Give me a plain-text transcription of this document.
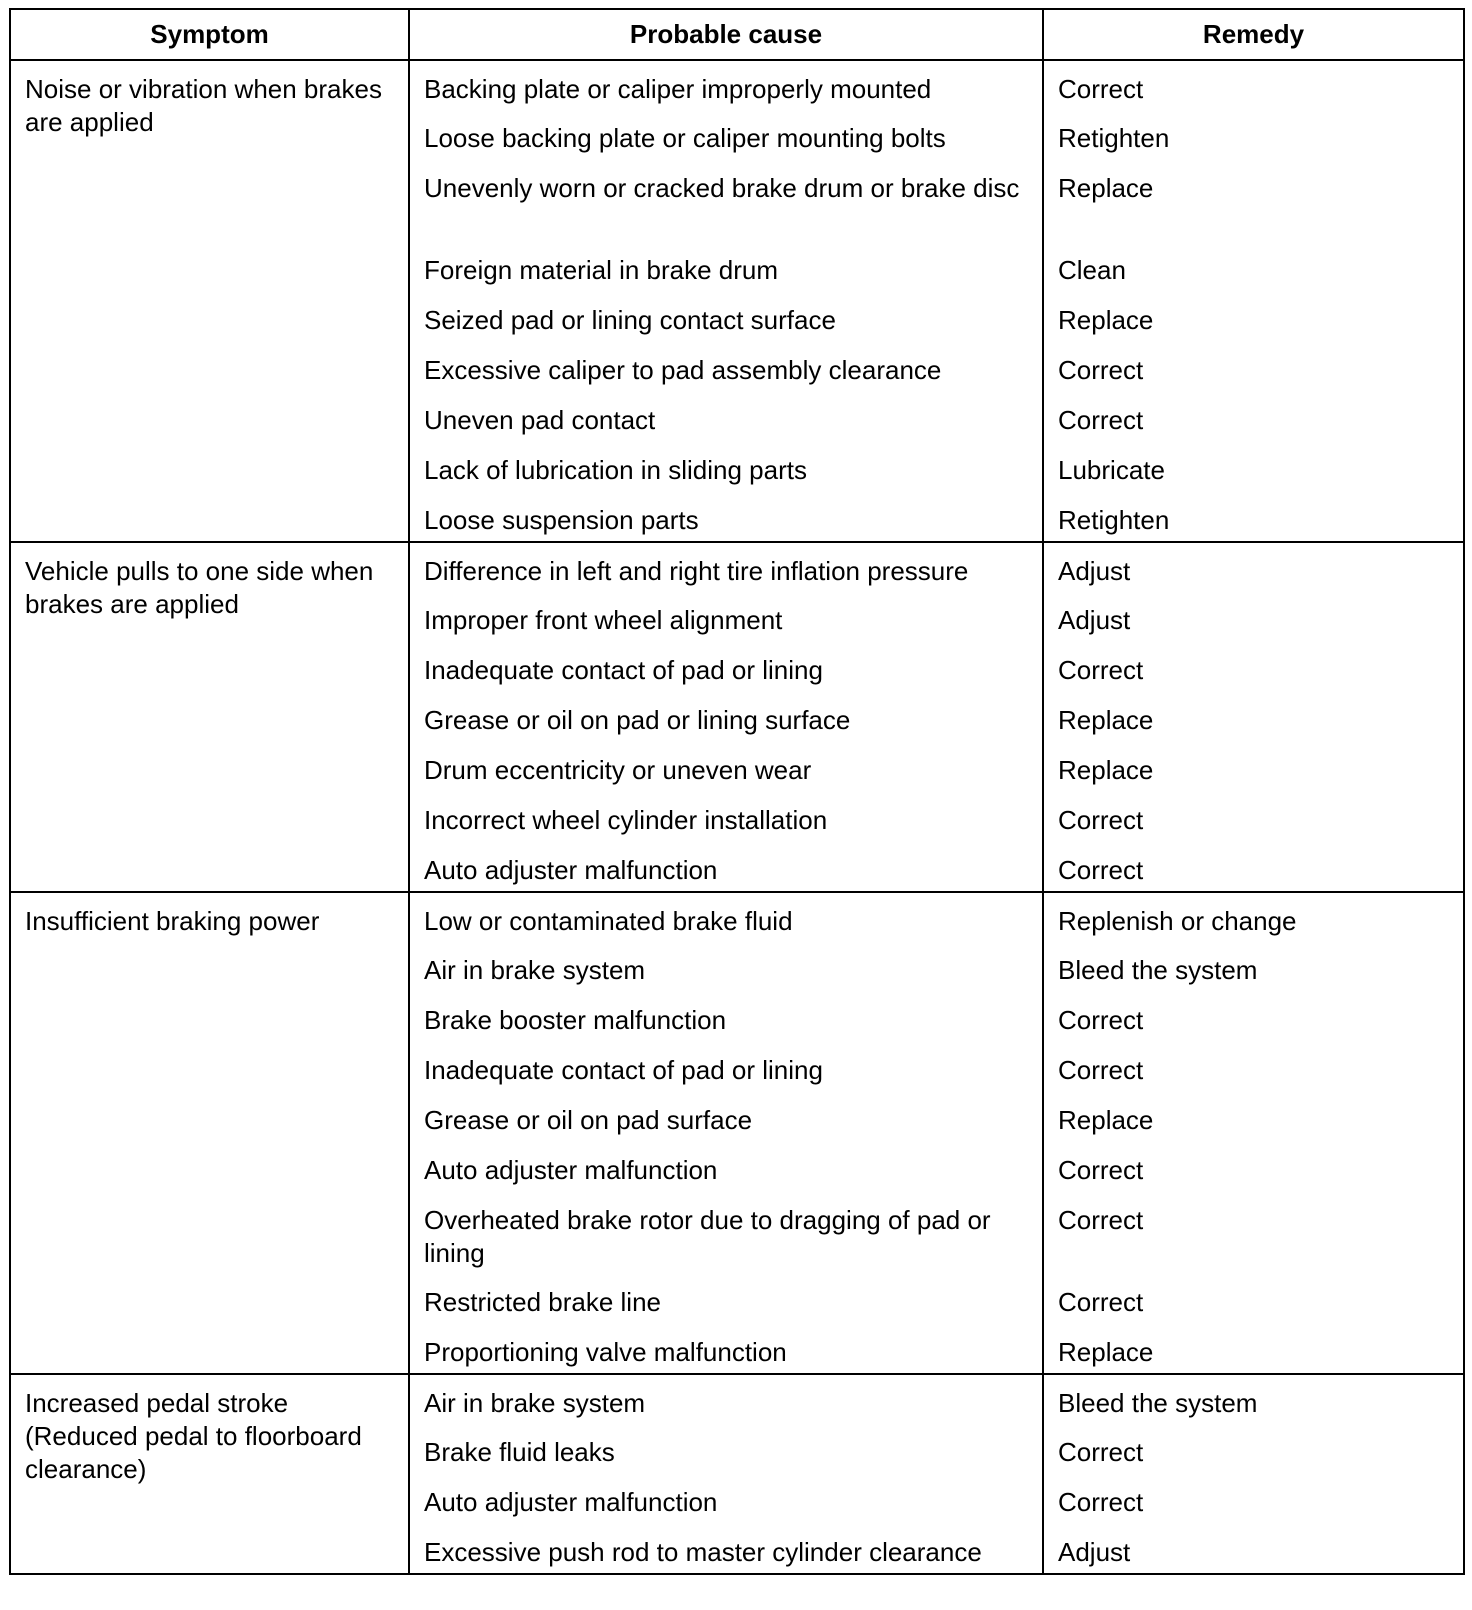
Symptom	Probable cause	Remedy

Noise or vibration when brakes are applied	Backing plate or caliper improperly mounted	Correct

	Loose backing plate or caliper mounting bolts	Retighten

	Unevenly worn or cracked brake drum or brake disc	Replace

	Foreign material in brake drum	Clean

	Seized pad or lining contact surface	Replace

	Excessive caliper to pad assembly clearance	Correct

	Uneven pad contact	Correct

	Lack of lubrication in sliding parts	Lubricate

	Loose suspension parts	Retighten

Vehicle pulls to one side when brakes are applied	Difference in left and right tire inflation pressure	Adjust

	Improper front wheel alignment	Adjust

	Inadequate contact of pad or lining	Correct

	Grease or oil on pad or lining surface	Replace

	Drum eccentricity or uneven wear	Replace

	Incorrect wheel cylinder installation	Correct

	Auto adjuster malfunction	Correct

Insufficient braking power	Low or contaminated brake fluid	Replenish or change

	Air in brake system	Bleed the system

	Brake booster malfunction	Correct

	Inadequate contact of pad or lining	Correct

	Grease or oil on pad surface	Replace

	Auto adjuster malfunction	Correct

	Overheated brake rotor due to dragging of pad or lining	Correct

	Restricted brake line	Correct

	Proportioning valve malfunction	Replace

Increased pedal stroke (Reduced pedal to floorboard clearance)	Air in brake system	Bleed the system

	Brake fluid leaks	Correct

	Auto adjuster malfunction	Correct

	Excessive push rod to master cylinder clearance	Adjust
